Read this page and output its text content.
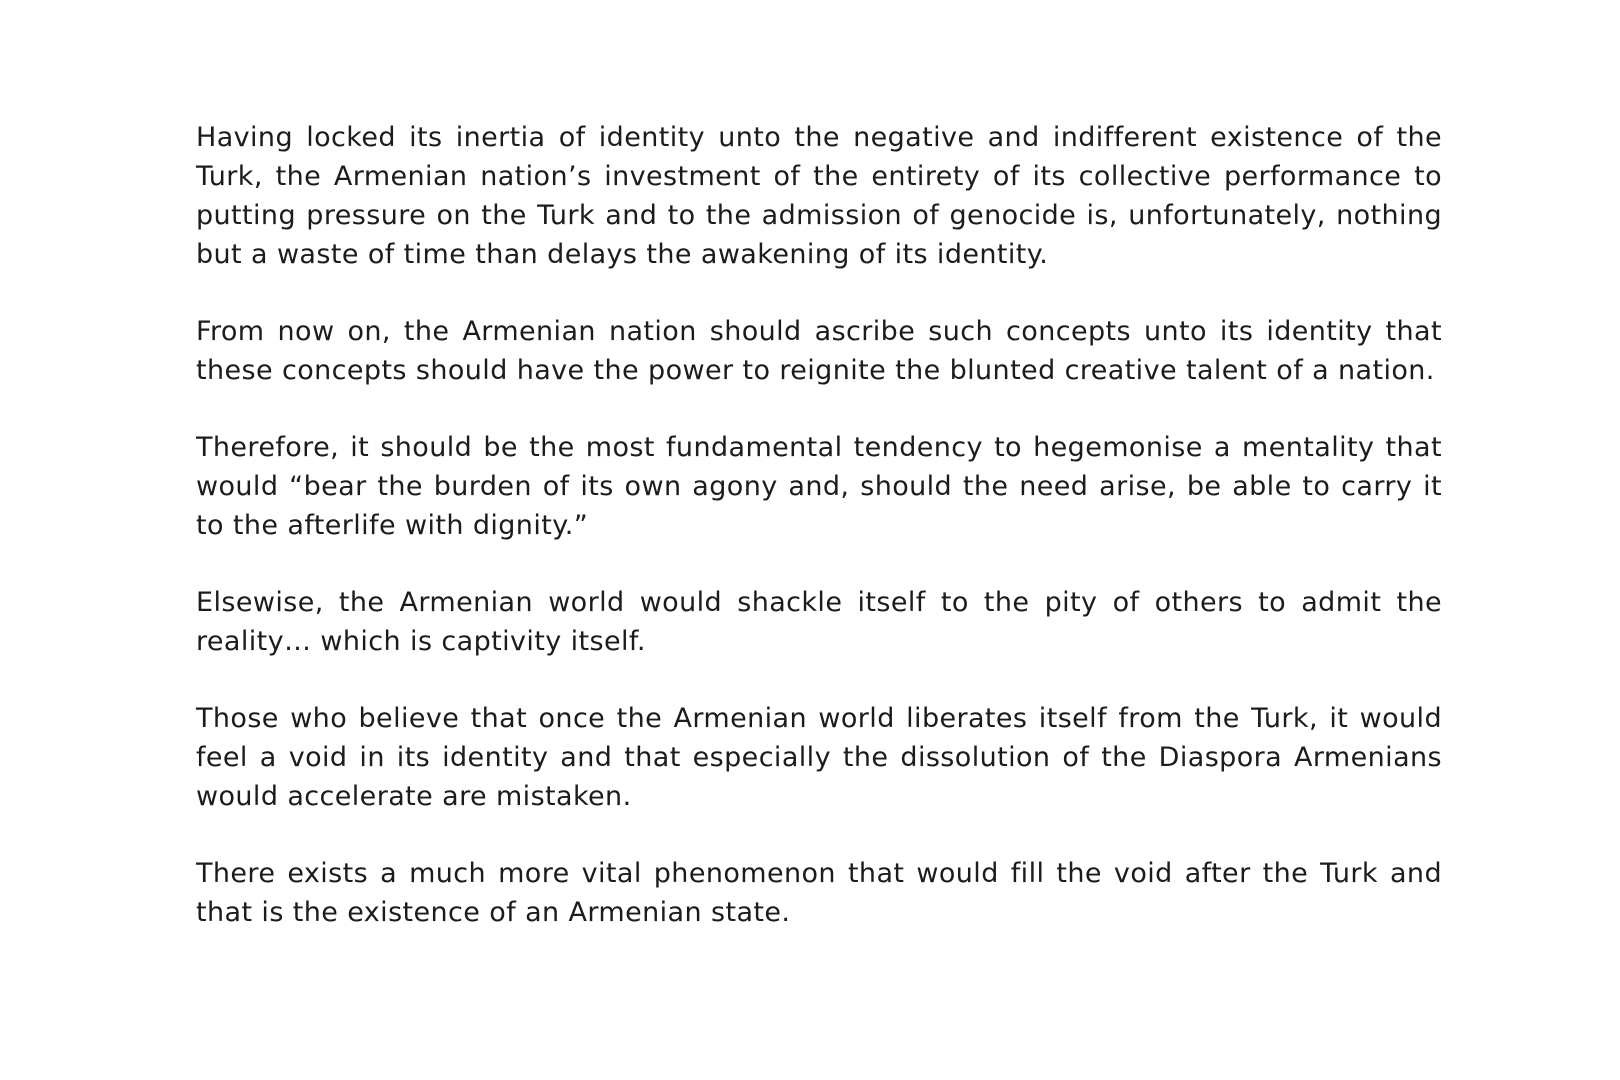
Having locked its inertia of identity unto the negative and indifferent existence of the Turk, the Armenian nation’s investment of the entirety of its collective performance to putting pressure on the Turk and to the admission of genocide is, unfortunately, nothing but a waste of time than delays the awakening of its identity.

From now on, the Armenian nation should ascribe such concepts unto its identity that these concepts should have the power to reignite the blunted creative talent of a nation.

Therefore, it should be the most fundamental tendency to hegemonise a mentality that would “bear the burden of its own agony and, should the need arise, be able to carry it to the afterlife with dignity.”

Elsewise, the Armenian world would shackle itself to the pity of others to admit the reality… which is captivity itself.

Those who believe that once the Armenian world liberates itself from the Turk, it would feel a void in its identity and that especially the dissolution of the Diaspora Armenians would accelerate are mistaken.

There exists a much more vital phenomenon that would fill the void after the Turk and that is the existence of an Armenian state.
